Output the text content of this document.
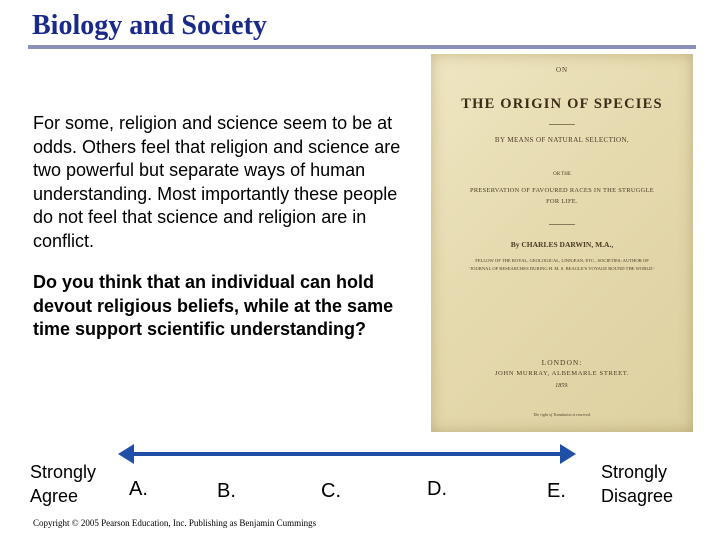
Biology and Society

For some, religion and science seem to be at odds. Others feel that religion and science are two powerful but separate ways of human understanding. Most importantly these people do not feel that science and religion are in conflict.

Do you think that an individual can hold devout religious beliefs, while at the same time support scientific understanding?

ON
THE ORIGIN OF SPECIES
BY MEANS OF NATURAL SELECTION,
OR THE
PRESERVATION OF FAVOURED RACES IN THE STRUGGLE FOR LIFE.
By CHARLES DARWIN, M.A.,
FELLOW OF THE ROYAL, GEOLOGICAL, LINNÆAN, ETC., SOCIETIES; AUTHOR OF 'JOURNAL OF RESEARCHES DURING H. M. S. BEAGLE'S VOYAGE ROUND THE WORLD.'
LONDON:
JOHN MURRAY, ALBEMARLE STREET.
1859.
The right of Translation is reserved.
Strongly
Agree
Strongly
Disagree
A.	B.	C.	D.	E.
Copyright © 2005 Pearson Education, Inc. Publishing as Benjamin Cummings
